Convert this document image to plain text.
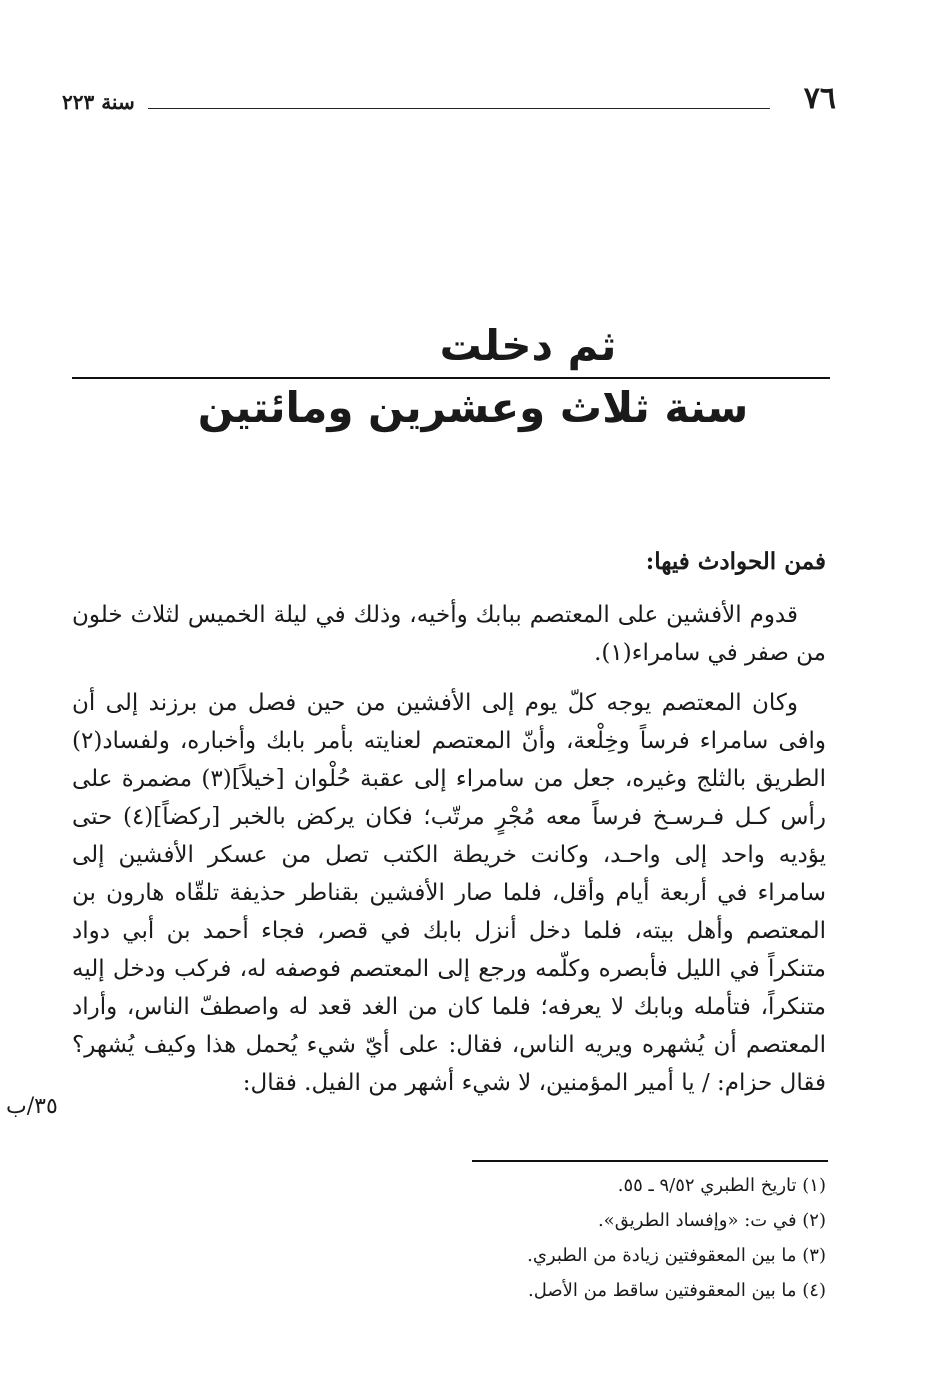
٧٦
سنة ٢٢٣
ثم دخلت
سنة ثلاث وعشرين ومائتين

فمن الحوادث فيها:

قدوم الأفشين على المعتصم ببابك وأخيه، وذلك في ليلة الخميس لثلاث خلون من صفر في سامراء(١).

وكان المعتصم يوجه كلّ يوم إلى الأفشين من حين فصل من برزند إلى أن وافى سامراء فرساً وخِلْعة، وأنّ المعتصم لعنايته بأمر بابك وأخباره، ولفساد(٢) الطريق بالثلج وغيره، جعل من سامراء إلى عقبة حُلْوان [خيلاً](٣) مضمرة على رأس كـل فـرسـخ فرساً معه مُجْرٍ مرتّب؛ فكان يركض بالخبر [ركضاً](٤) حتى يؤديه واحد إلى واحـد، وكانت خريطة الكتب تصل من عسكر الأفشين إلى سامراء في أربعة أيام وأقل، فلما صار الأفشين بقناطر حذيفة تلقّاه هارون بن المعتصم وأهل بيته، فلما دخل أنزل بابك في قصر، فجاء أحمد بن أبي دواد متنكراً في الليل فأبصره وكلّمه ورجع إلى المعتصم فوصفه له، فركب ودخل إليه متنكراً، فتأمله وبابك لا يعرفه؛ فلما كان من الغد قعد له واصطفّ الناس، وأراد المعتصم أن يُشهره ويريه الناس، فقال: على أيّ شيء يُحمل هذا وكيف يُشهر؟ فقال حزام: / يا أمير المؤمنين، لا شيء أشهر من الفيل. فقال:

٣٥/ب

(١) تاريخ الطبري ٩/٥٢ ـ ٥٥.

(٢) في ت: «وإفساد الطريق».

(٣) ما بين المعقوفتين زيادة من الطبري.

(٤) ما بين المعقوفتين ساقط من الأصل.
